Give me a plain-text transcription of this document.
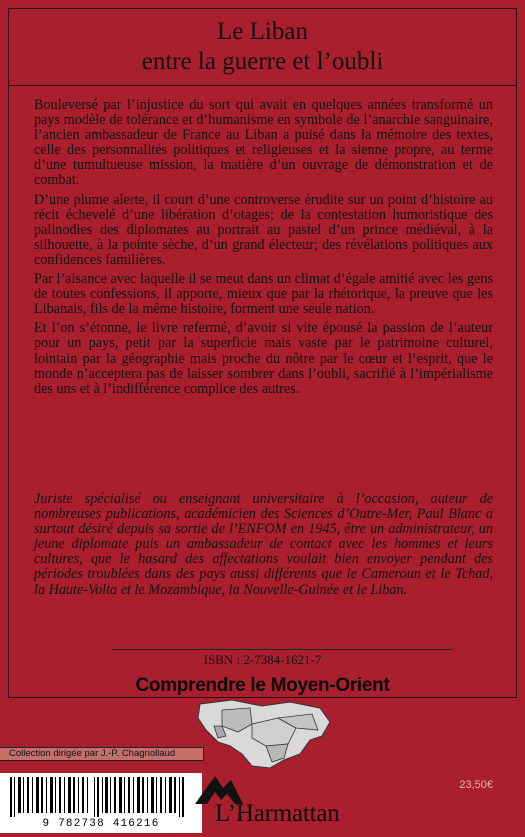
Le Liban
entre la guerre et l’oubli

Bouleversé par l’injustice du sort qui avait en quelques années transformé un pays modèle de tolérance et d’humanisme en symbole de l’anarchie sanguinaire, l’ancien ambassadeur de France au Liban a puisé dans la mémoire des textes, celle des personnalités politiques et religieuses et la sienne propre, au terme d’une tumultueuse mission, la matière d’un ouvrage de démonstration et de combat.

D’une plume alerte, il court d’une controverse érudite sur un point d’histoire au récit échevelé d’une libération d’otages; de la contestation humoristique des palinodies des diplomates au portrait au pastel d’un prince médiéval, à la silhouette, à la pointe sèche, d’un grand électeur; des révélations politiques aux confidences familières.

Par l’aisance avec laquelle il se meut dans un climat d’égale amitié avec les gens de toutes confessions, il apporte, mieux que par la rhétorique, la preuve que les Libanais, fils de la même histoire, forment une seule nation.

Et l’on s’étonne, le livre refermé, d’avoir si vite épousé la passion de l’auteur pour un pays, petit par la superficie mais vaste par le patrimoine culturel, lointain par la géographie mais proche du nôtre par le cœur et l’esprit, que le monde n’acceptera pas de laisser sombrer dans l’oubli, sacrifié à l’impérialisme des uns et à l’indifférence complice des autres.

Juriste spécialisé ou enseignant universitaire à l’occasion, auteur de nombreuses publications, académicien des Sciences d’Outre-Mer, Paul Blanc a surtout désiré depuis sa sortie de l’ENFOM en 1945, être un administrateur, un jeune diplomate puis un ambassadeur de contact avec les hommes et leurs cultures, que le hasard des affectations voulait bien envoyer pendant des périodes troublées dans des pays aussi différents que le Cameroun et le Tchad, la Haute-Volta et le Mozambique, la Nouvelle-Guinée et le Liban.

ISBN : 2-7384-1621-7
Comprendre le Moyen-Orient
Collection dirigée par J.-P. Chagnollaud
9 782738 416216
23,50€
L’Harmattan
